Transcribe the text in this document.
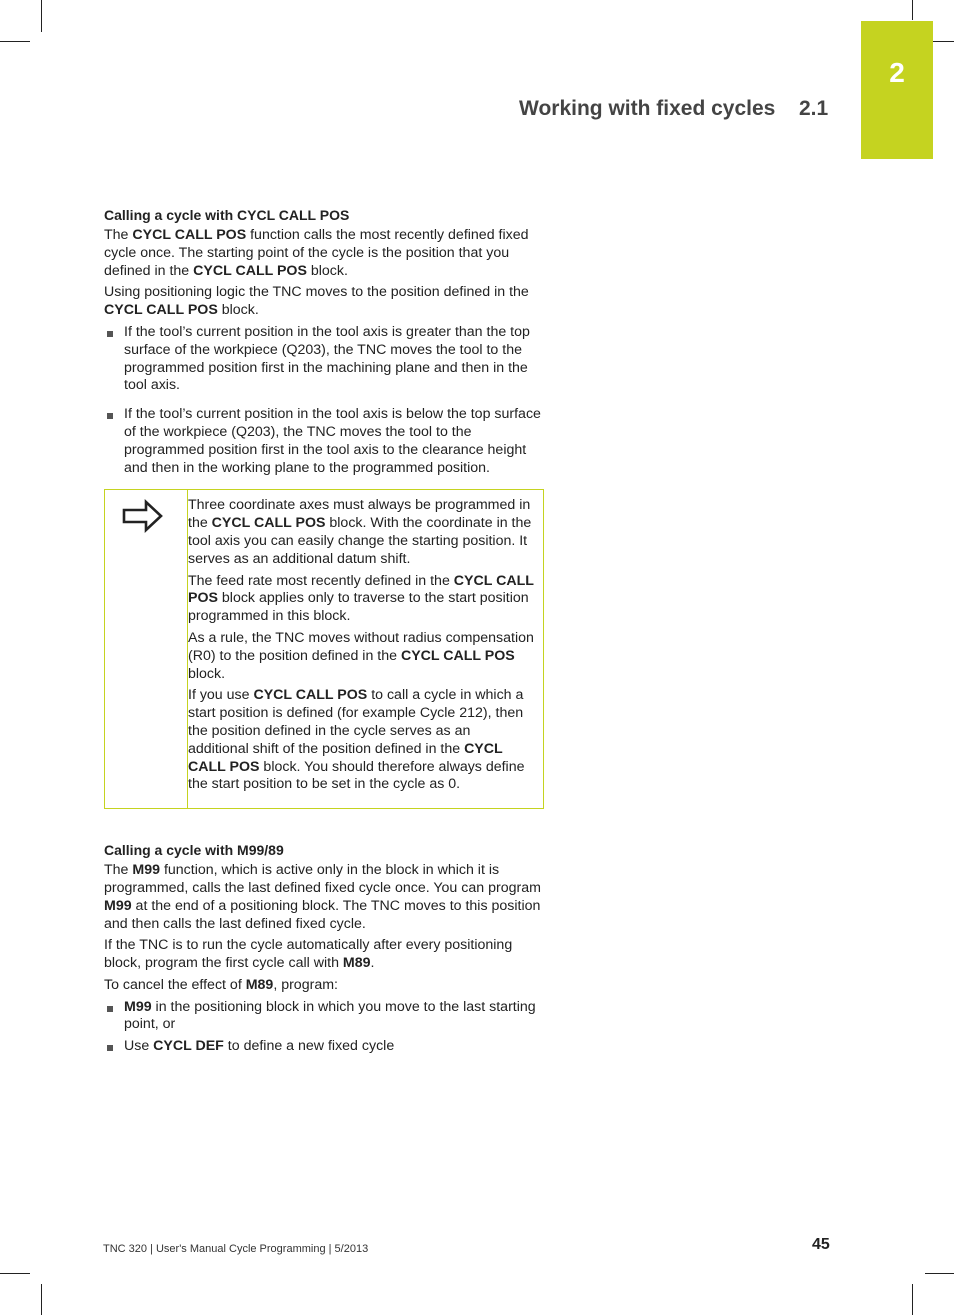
2
Working with fixed cycles 2.1
Calling a cycle with CYCL CALL POS

The CYCL CALL POS function calls the most recently defined fixed cycle once. The starting point of the cycle is the position that you defined in the CYCL CALL POS block.

Using positioning logic the TNC moves to the position defined in the CYCL CALL POS block.

If the tool’s current position in the tool axis is greater than the top surface of the workpiece (Q203), the TNC moves the tool to the programmed position first in the machining plane and then in the tool axis.
If the tool’s current position in the tool axis is below the top surface of the workpiece (Q203), the TNC moves the tool to the programmed position first in the tool axis to the clearance height and then in the working plane to the programmed position.

Three coordinate axes must always be programmed in the CYCL CALL POS block. With the coordinate in the tool axis you can easily change the starting position. It serves as an additional datum shift.

The feed rate most recently defined in the CYCL CALL POS block applies only to traverse to the start position programmed in this block.

As a rule, the TNC moves without radius compensation (R0) to the position defined in the CYCL CALL POS block.

If you use CYCL CALL POS to call a cycle in which a start position is defined (for example Cycle 212), then the position defined in the cycle serves as an additional shift of the position defined in the CYCL CALL POS block. You should therefore always define the start position to be set in the cycle as 0.

Calling a cycle with M99/89

The M99 function, which is active only in the block in which it is programmed, calls the last defined fixed cycle once. You can program M99 at the end of a positioning block. The TNC moves to this position and then calls the last defined fixed cycle.

If the TNC is to run the cycle automatically after every positioning block, program the first cycle call with M89.

To cancel the effect of M89, program:

M99 in the positioning block in which you move to the last starting point, or
Use CYCL DEF to define a new fixed cycle
TNC 320 | User's Manual Cycle Programming | 5/2013	45
